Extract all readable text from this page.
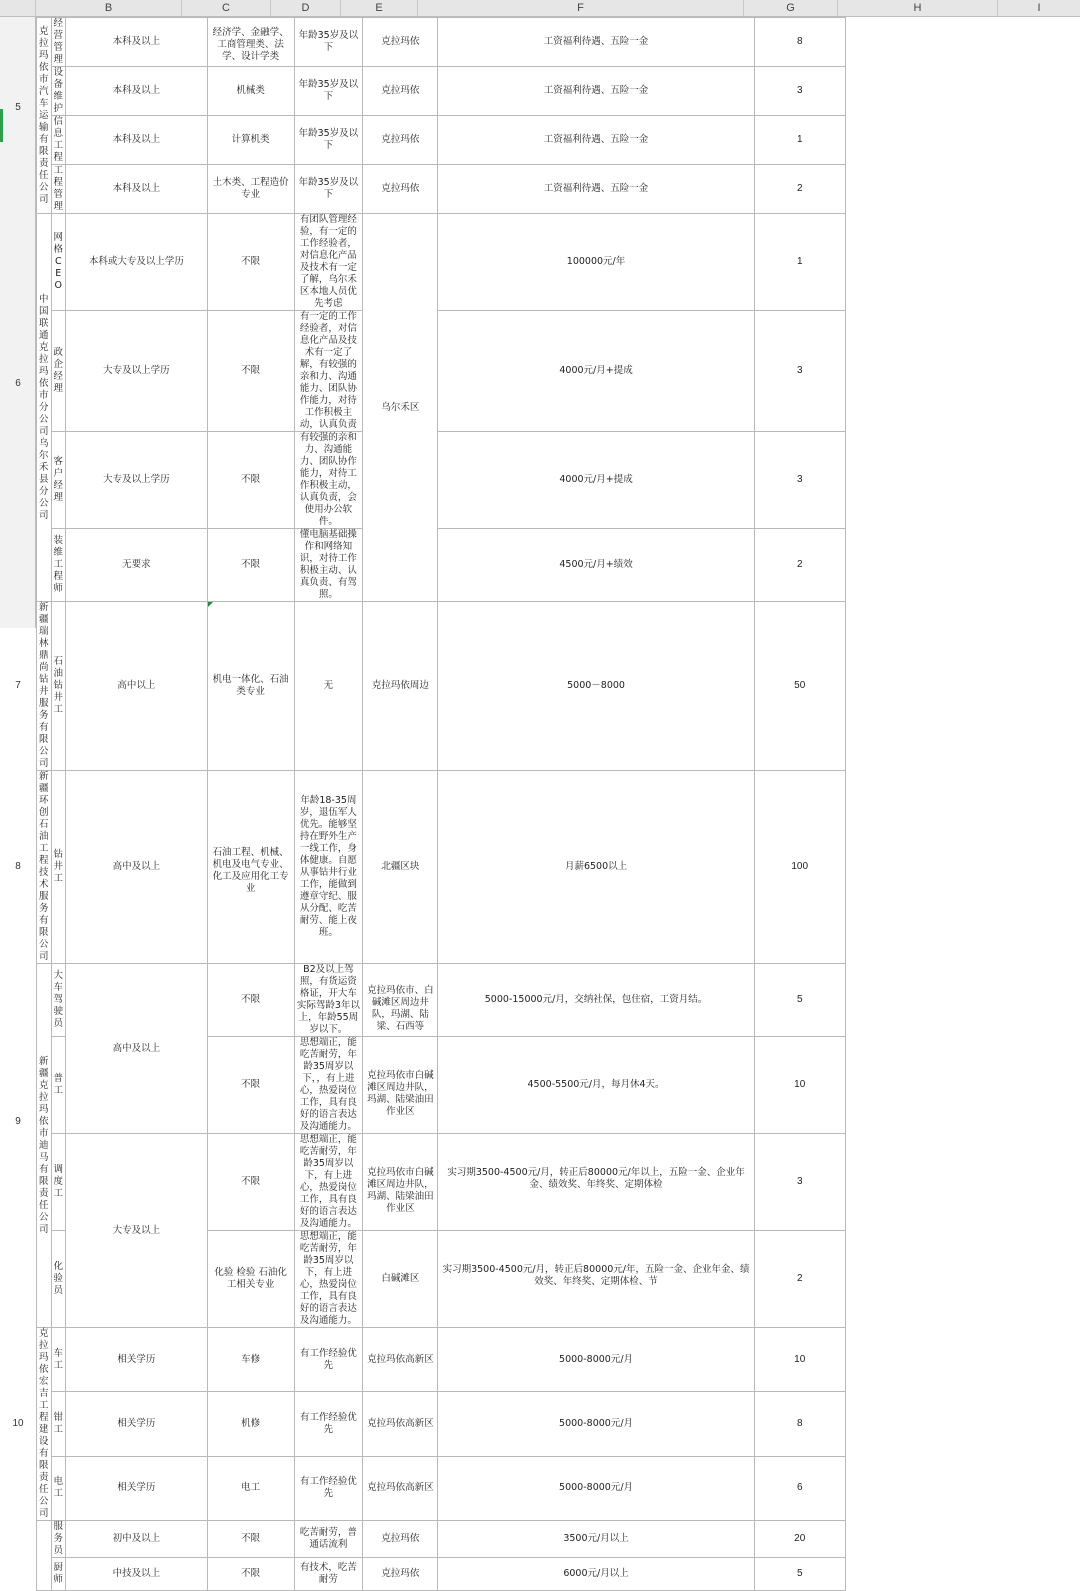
B	C	D	E	F	G	H	I
5
6
7
8
9
10
克拉玛依市汽车运输有限责任公司	经营管理	本科及以上	经济学、金融学、工商管理类、法学、设计学类	年龄35岁及以下	克拉玛依	工资福利待遇、五险一金	8
	设备维护	本科及以上	机械类	年龄35岁及以下	克拉玛依	工资福利待遇、五险一金	3
	信息工程	本科及以上	计算机类	年龄35岁及以下	克拉玛依	工资福利待遇、五险一金	1
	工程管理	本科及以上	土木类、工程造价专业	年龄35岁及以下	克拉玛依	工资福利待遇、五险一金	2
中国联通克拉玛依市分公司乌尔禾县分公司	网格CEO	本科或大专及以上学历	不限	有团队管理经验，有一定的工作经验者，对信息化产品及技术有一定了解，乌尔禾区本地人员优先考虑	乌尔禾区	100000元/年	1
	政企经理	大专及以上学历	不限	有一定的工作经验者，对信息化产品及技术有一定了解，有较强的亲和力、沟通能力、团队协作能力，对待工作积极主动，认真负责		4000元/月+提成	3
	客户经理	大专及以上学历	不限	有较强的亲和力、沟通能力、团队协作能力，对待工作积极主动，认真负责，会使用办公软件。		4000元/月+提成	3
	装维工程师	无要求	不限	懂电脑基础操作和网络知识，对待工作积极主动、认真负责、有驾照。		4500元/月+绩效	2
新疆瑞林鼎尚钻井服务有限公司	石油钻井工	高中以上	机电一体化、石油类专业	无	克拉玛依周边	5000－8000	50
新疆环创石油工程技术服务有限公司	钻井工	高中及以上	石油工程、机械、机电及电气专业、化工及应用化工专业	年龄18-35周岁，退伍军人优先。能够坚持在野外生产一线工作，身体健康。自愿从事钻井行业工作，能做到遵章守纪、服从分配、吃苦耐劳、能上夜班。	北疆区块	月薪6500以上	100
新疆克拉玛依市迪马有限责任公司	大车驾驶员	高中及以上	不限	B2及以上驾照，有货运资格证，开大车实际驾龄3年以上，年龄55周岁以下。	克拉玛依市、白碱滩区周边井队，玛湖、陆梁、石西等	5000-15000元/月，交纳社保，包住宿，工资月结。	5
	普工		不限	思想端正，能吃苦耐劳，年龄35周岁以下，，有上进心，热爱岗位工作，具有良好的语言表达及沟通能力。	克拉玛依市白碱滩区周边井队，玛湖、陆梁油田作业区	4500-5500元/月，每月休4天。	10
	调度工	大专及以上	不限	思想端正，能吃苦耐劳，年龄35周岁以下，有上进心，热爱岗位工作，具有良好的语言表达及沟通能力。	克拉玛依市白碱滩区周边井队，玛湖、陆梁油田作业区	实习期3500-4500元/月，转正后80000元/年以上，五险一金、企业年金、绩效奖、年终奖、定期体检	3
	化验员		化验 检验 石油化工相关专业	思想端正，能吃苦耐劳，年龄35周岁以下，有上进心，热爱岗位工作，具有良好的语言表达及沟通能力。	白碱滩区	实习期3500-4500元/月，转正后80000元/年，五险一金、企业年金、绩效奖、年终奖、定期体检、节	2
克拉玛依宏吉工程建设有限责任公司	车工	相关学历	车修	有工作经验优先	克拉玛依高新区	5000-8000元/月	10
	钳工	相关学历	机修	有工作经验优先	克拉玛依高新区	5000-8000元/月	8
	电工	相关学历	电工	有工作经验优先	克拉玛依高新区	5000-8000元/月	6
	服务员	初中及以上	不限	吃苦耐劳，普通话流利	克拉玛依	3500元/月以上	20
	厨师	中技及以上	不限	有技术，吃苦耐劳	克拉玛依	6000元/月以上	5
